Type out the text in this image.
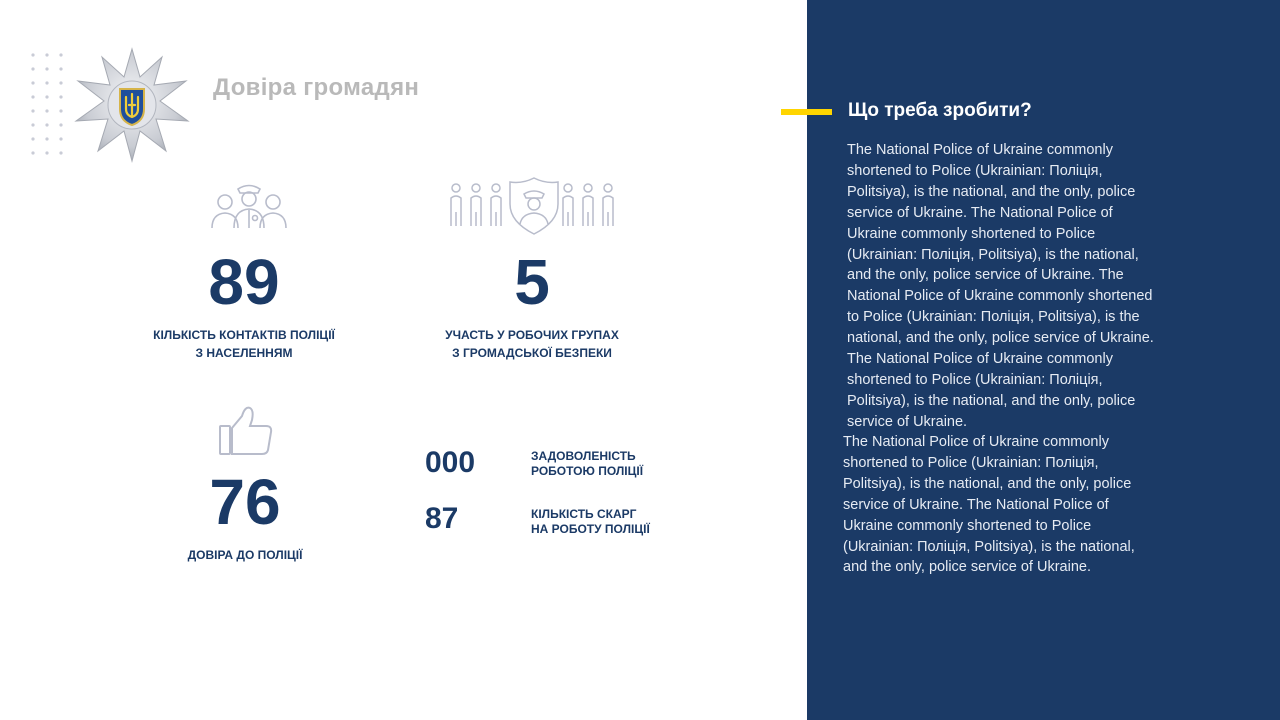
Довіра громадян
89
КІЛЬКІСТЬ КОНТАКТІВ ПОЛІЦІЇ
З НАСЕЛЕННЯМ
5
УЧАСТЬ У РОБОЧИХ ГРУПАХ
З ГРОМАДСЬКОЇ БЕЗПЕКИ
76
ДОВІРА ДО ПОЛІЦІЇ
000	ЗАДОВОЛЕНІСТЬ
РОБОТОЮ ПОЛІЦІЇ
87	КІЛЬКІСТЬ СКАРГ
НА РОБОТУ ПОЛІЦІЇ
Що треба зробити?
The National Police of Ukraine commonly
shortened to Police (Ukrainian: Поліція,
Politsiya), is the national, and the only, police
service of Ukraine. The National Police of
Ukraine commonly shortened to Police
(Ukrainian: Поліція, Politsiya), is the national,
and the only, police service of Ukraine. The
National Police of Ukraine commonly shortened
to Police (Ukrainian: Поліція, Politsiya), is the
national, and the only, police service of Ukraine.
The National Police of Ukraine commonly
shortened to Police (Ukrainian: Поліція,
Politsiya), is the national, and the only, police
service of Ukraine.
The National Police of Ukraine commonly
shortened to Police (Ukrainian: Поліція,
Politsiya), is the national, and the only, police
service of Ukraine. The National Police of
Ukraine commonly shortened to Police
(Ukrainian: Поліція, Politsiya), is the national,
and the only, police service of Ukraine.
